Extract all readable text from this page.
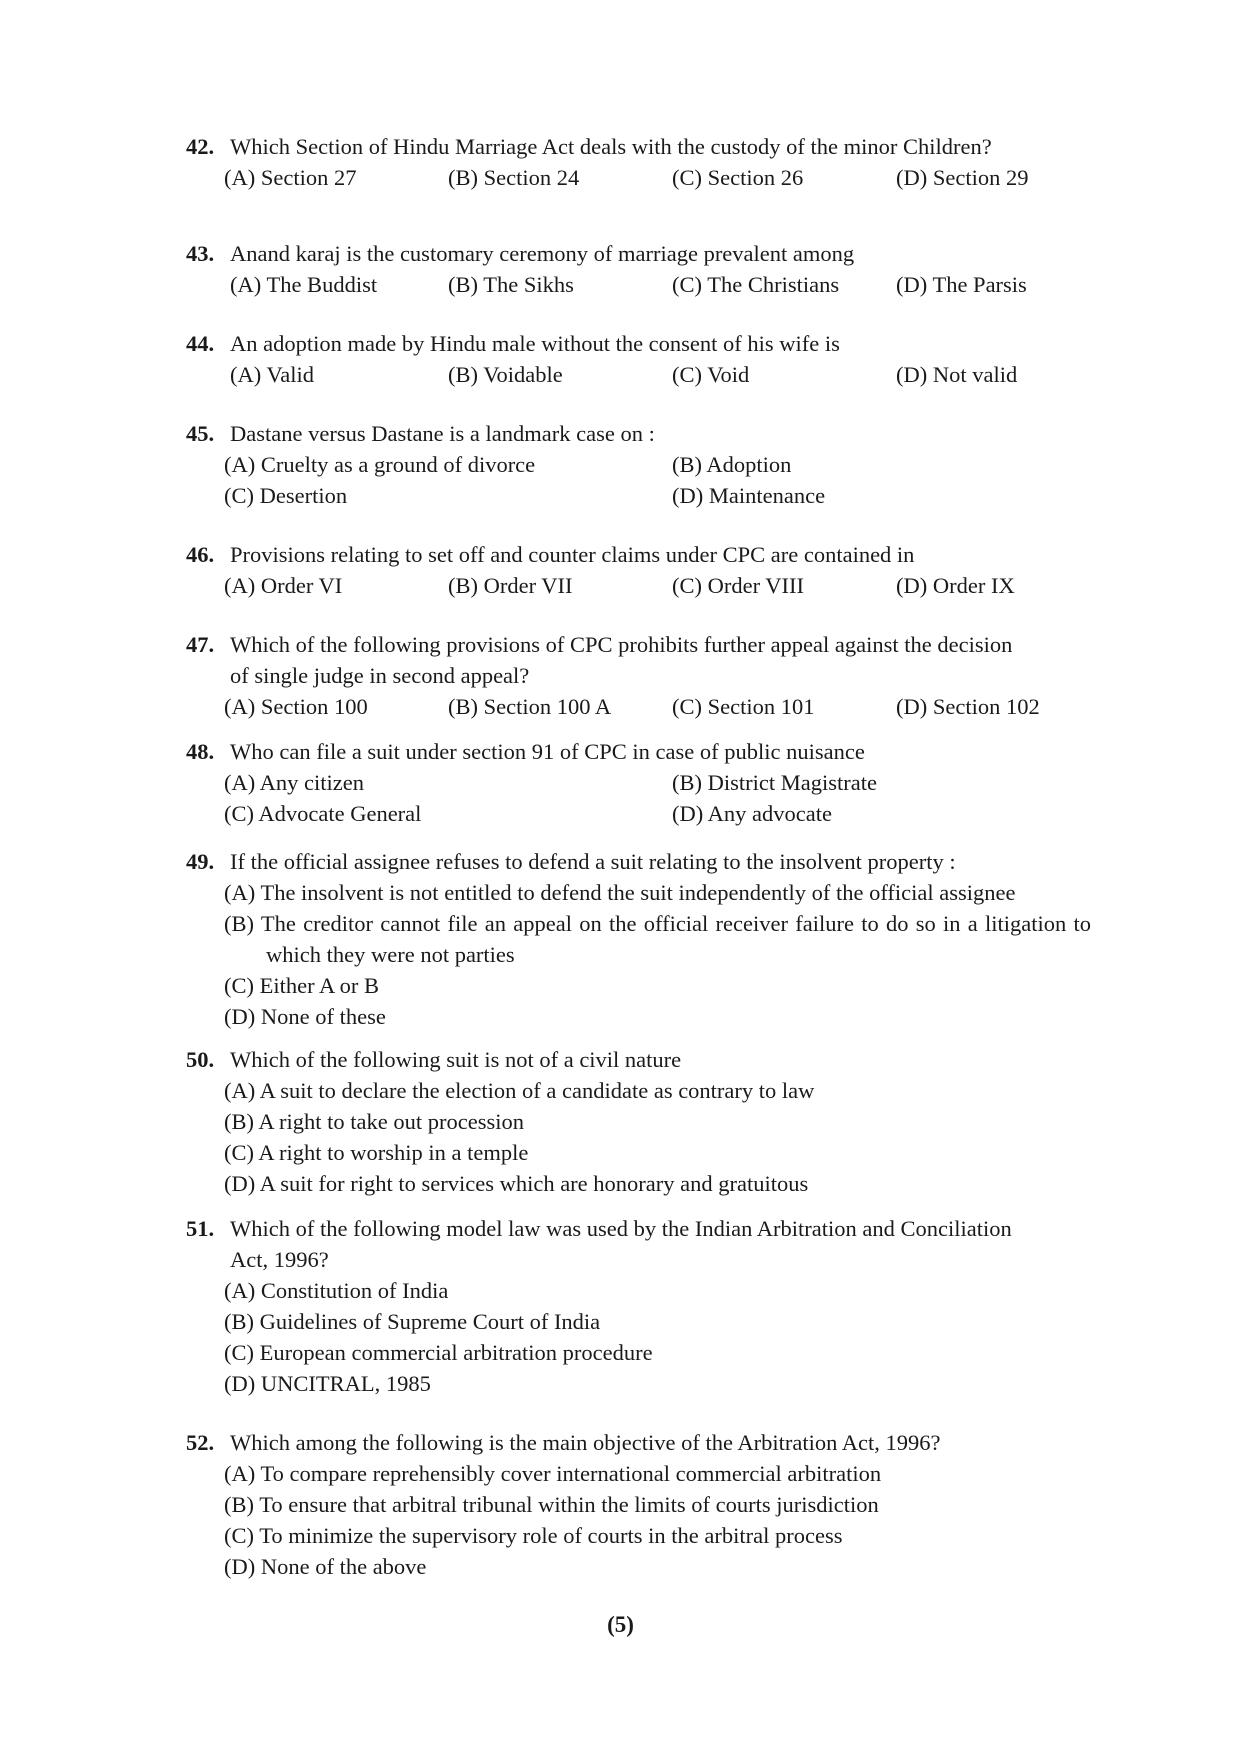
42. Which Section of Hindu Marriage Act deals with the custody of the minor Children?
(A) Section 27	(B) Section 24	(C) Section 26	(D) Section 29
43. Anand karaj is the customary ceremony of marriage prevalent among
(A) The Buddist	(B) The Sikhs	(C) The Christians	(D) The Parsis
44. An adoption made by Hindu male without the consent of his wife is
(A) Valid	(B) Voidable	(C) Void	(D) Not valid
45. Dastane versus Dastane is a landmark case on :
(A) Cruelty as a ground of divorce	(B) Adoption
(C) Desertion	(D) Maintenance
46. Provisions relating to set off and counter claims under CPC are contained in
(A) Order VI	(B) Order VII	(C) Order VIII	(D) Order IX
47. Which of the following provisions of CPC prohibits further appeal against the decision
of single judge in second appeal?
(A) Section 100	(B) Section 100 A	(C) Section 101	(D) Section 102
48. Who can file a suit under section 91 of CPC in case of public nuisance
(A) Any citizen	(B) District Magistrate
(C) Advocate General	(D) Any advocate
49. If the official assignee refuses to defend a suit relating to the insolvent property :
(A) The insolvent is not entitled to defend the suit independently of the official assignee
(B) The creditor cannot file an appeal on the official receiver failure to do so in a litigation to which they were not parties
(C) Either A or B
(D) None of these
50. Which of the following suit is not of a civil nature
(A) A suit to declare the election of a candidate as contrary to law
(B) A right to take out procession
(C) A right to worship in a temple
(D) A suit for right to services which are honorary and gratuitous
51. Which of the following model law was used by the Indian Arbitration and Conciliation
Act, 1996?
(A) Constitution of India
(B) Guidelines of Supreme Court of India
(C) European commercial arbitration procedure
(D) UNCITRAL, 1985
52. Which among the following is the main objective of the Arbitration Act, 1996?
(A) To compare reprehensibly cover international commercial arbitration
(B) To ensure that arbitral tribunal within the limits of courts jurisdiction
(C) To minimize the supervisory role of courts in the arbitral process
(D) None of the above
(5)
